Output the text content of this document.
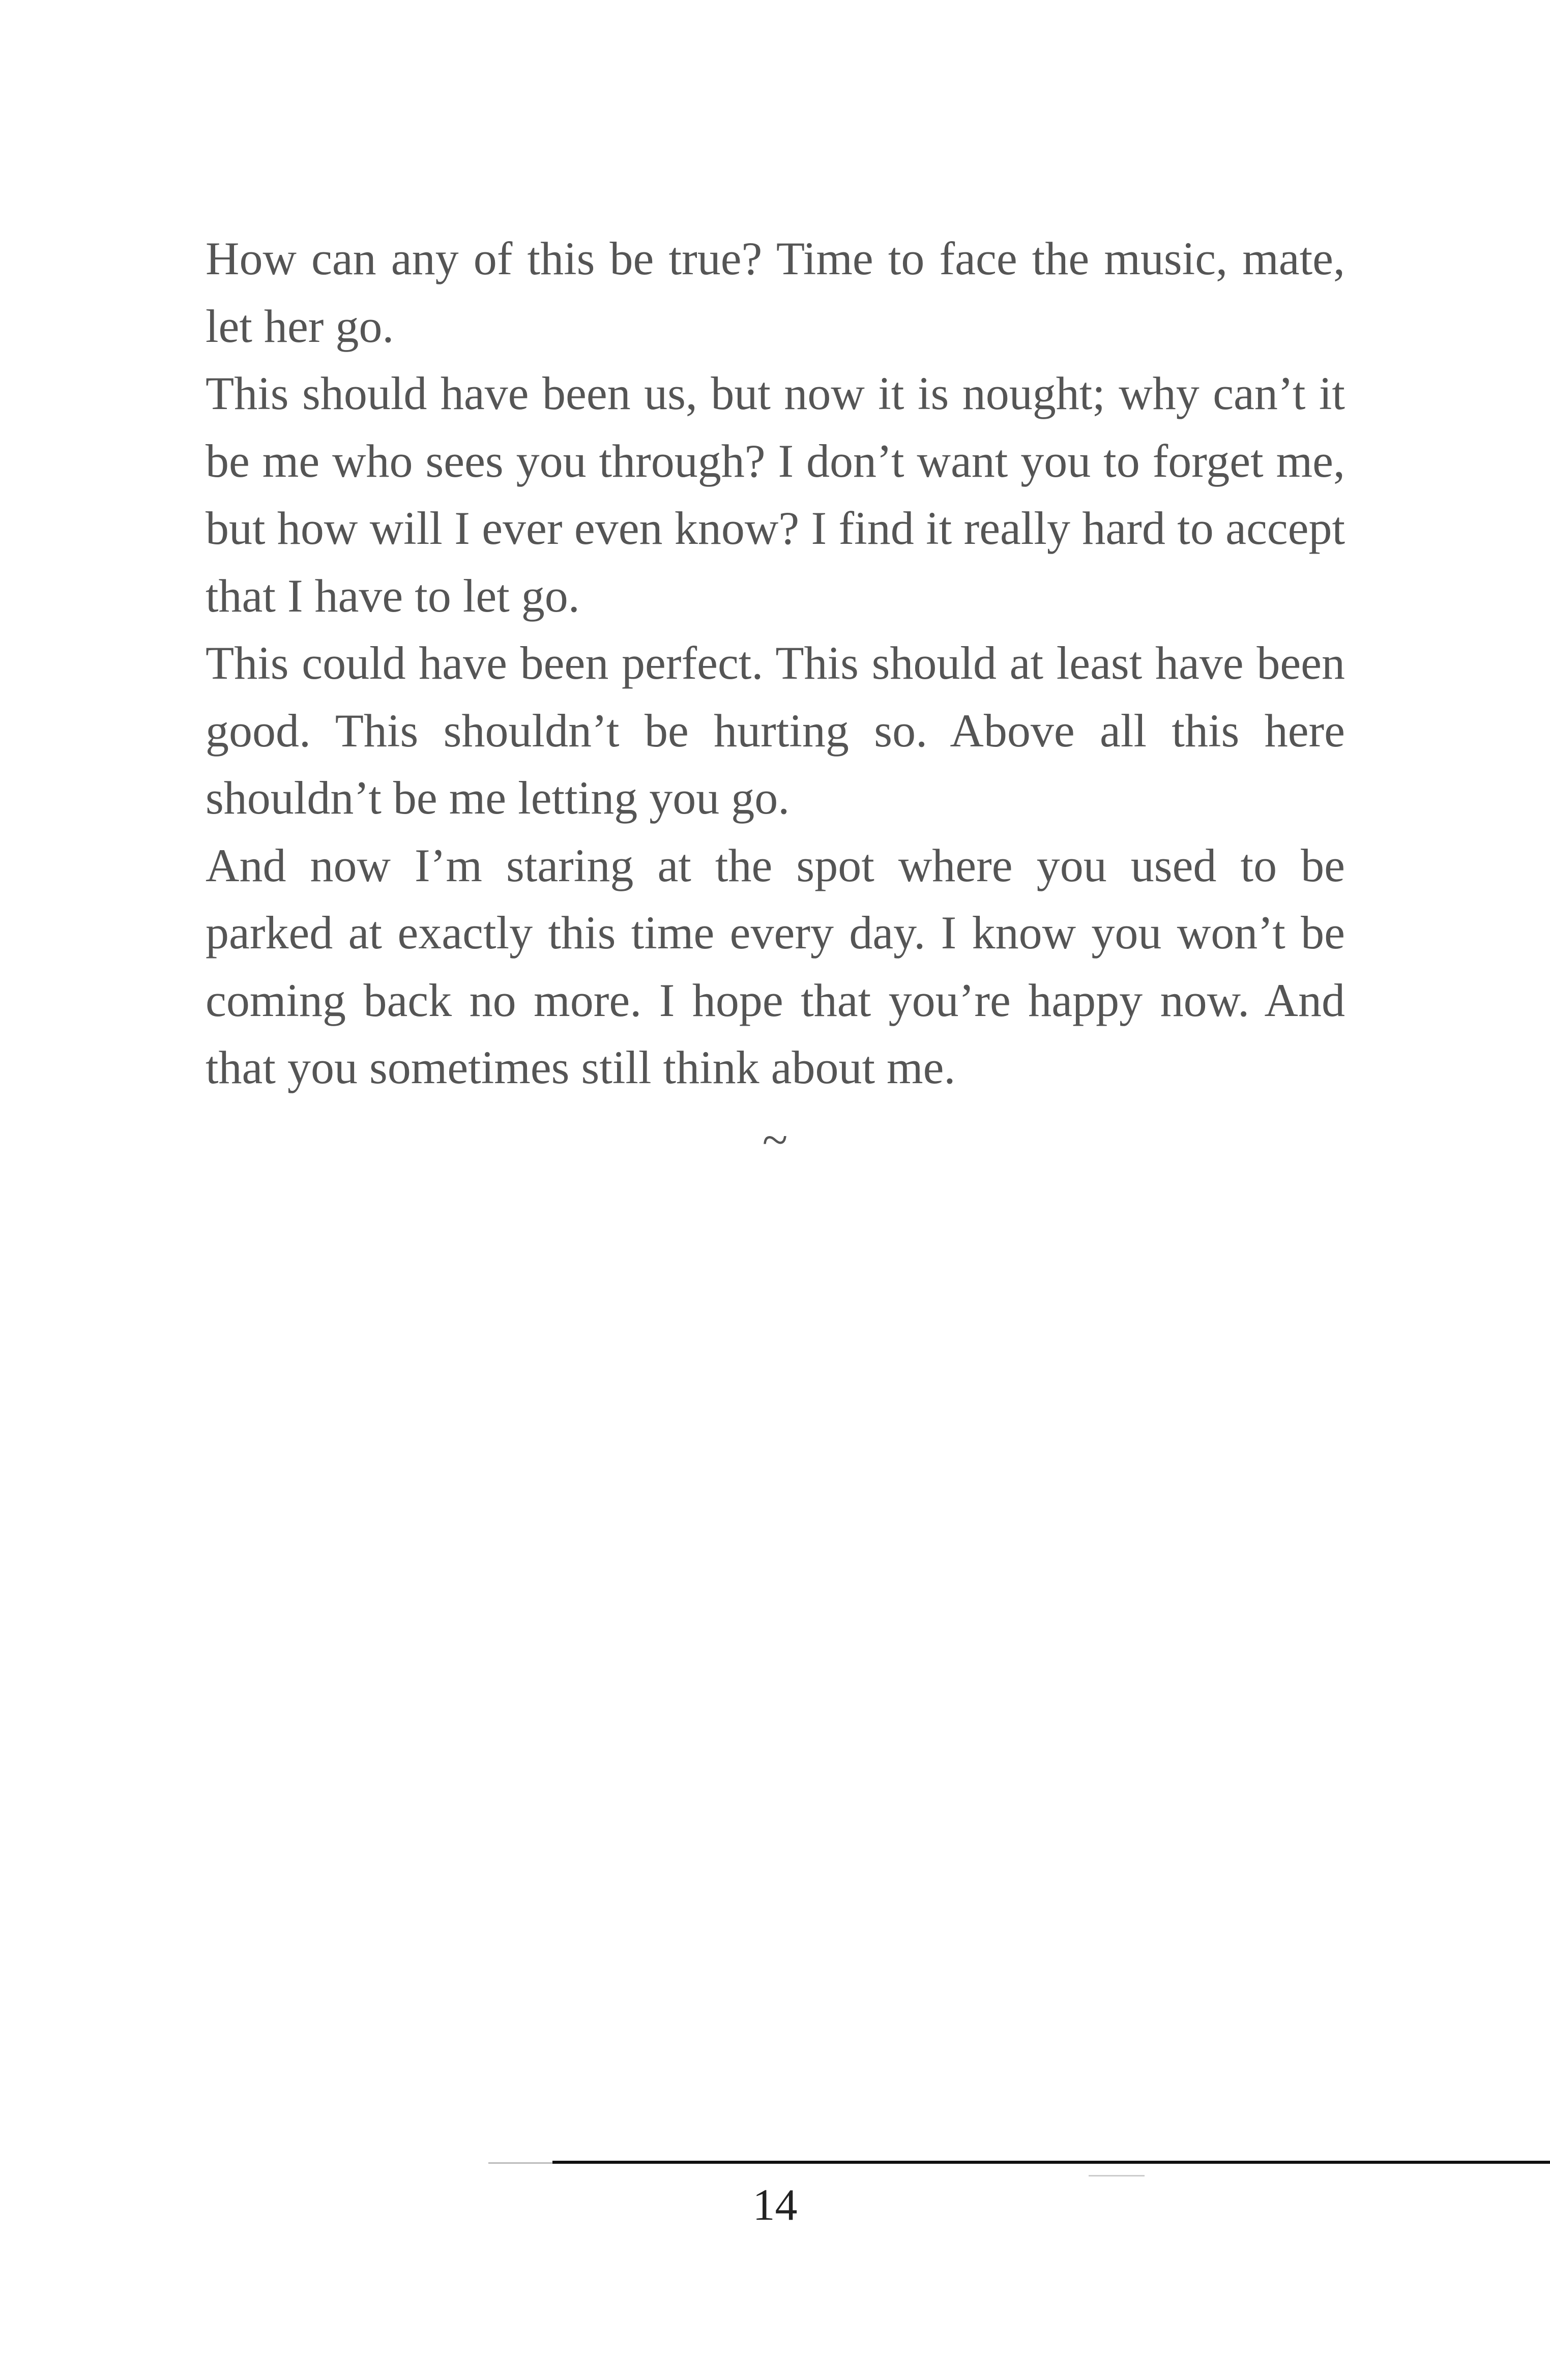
How can any of this be true? Time to face the music, mate, let her go.

This should have been us, but now it is nought; why can’t it be me who sees you through? I don’t want you to forget me, but how will I ever even know? I find it really hard to accept that I have to let go.

This could have been perfect. This should at least have been good. This shouldn’t be hurting so. Above all this here shouldn’t be me letting you go.

And now I’m staring at the spot where you used to be parked at exactly this time every day. I know you won’t be coming back no more. I hope that you’re happy now. And that you sometimes still think about me.

~
14
